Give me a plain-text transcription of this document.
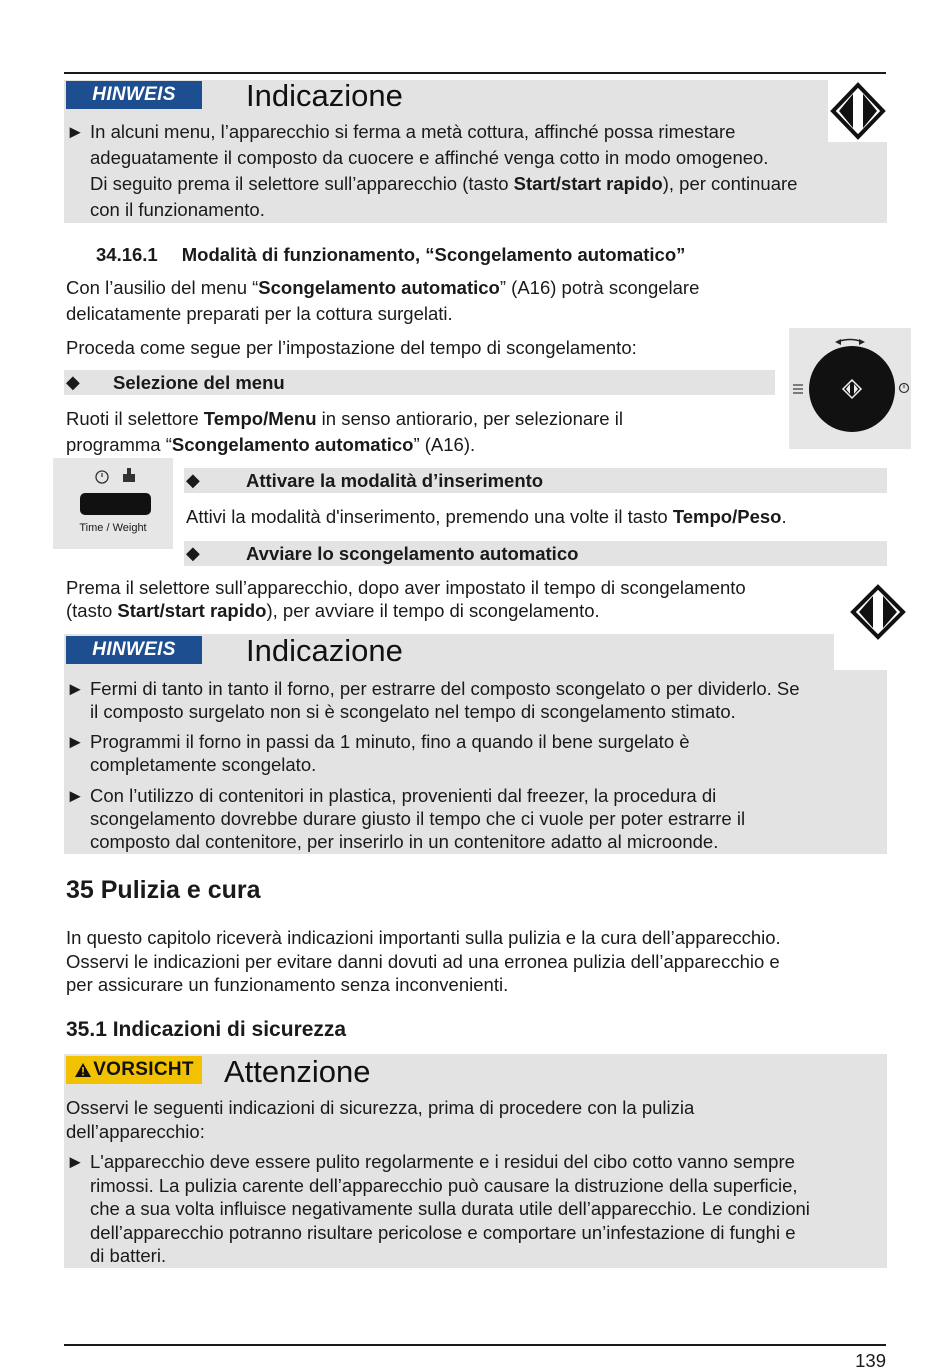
HINWEIS	Indicazione
► In alcuni menu, l’apparecchio si ferma a metà cottura, affinché possa rimestare
adeguatamente il composto da cuocere e affinché venga cotto in modo omogeneo.
Di seguito prema il selettore sull’apparecchio (tasto Start/start rapido), per continuare
con il funzionamento.
34.16.1 Modalità di funzionamento, “Scongelamento automatico”
Con l’ausilio del menu “Scongelamento automatico” (A16) potrà scongelare
delicatamente preparati per la cottura surgelati.
Proceda come segue per l’impostazione del tempo di scongelamento:
◆ Selezione del menu
Ruoti il selettore Tempo/Menu in senso antiorario, per selezionare il
programma “Scongelamento automatico” (A16).
Time / Weight
◆ Attivare la modalità d’inserimento
Attivi la modalità d'inserimento, premendo una volte il tasto Tempo/Peso.
◆ Avviare lo scongelamento automatico
Prema il selettore sull’apparecchio, dopo aver impostato il tempo di scongelamento
(tasto Start/start rapido), per avviare il tempo di scongelamento.
HINWEIS	Indicazione
► Fermi di tanto in tanto il forno, per estrarre del composto scongelato o per dividerlo. Se
il composto surgelato non si è scongelato nel tempo di scongelamento stimato.
► Programmi il forno in passi da 1 minuto, fino a quando il bene surgelato è
completamente scongelato.
► Con l’utilizzo di contenitori in plastica, provenienti dal freezer, la procedura di
scongelamento dovrebbe durare giusto il tempo che ci vuole per poter estrarre il
composto dal contenitore, per inserirlo in un contenitore adatto al microonde.
35 Pulizia e cura
In questo capitolo riceverà indicazioni importanti sulla pulizia e la cura dell’apparecchio.
Osservi le indicazioni per evitare danni dovuti ad una erronea pulizia dell’apparecchio e
per assicurare un funzionamento senza inconvenienti.
35.1 Indicazioni di sicurezza
VORSICHT Attenzione
Osservi le seguenti indicazioni di sicurezza, prima di procedere con la pulizia
dell’apparecchio:
► L'apparecchio deve essere pulito regolarmente e i residui del cibo cotto vanno sempre
rimossi. La pulizia carente dell’apparecchio può causare la distruzione della superficie,
che a sua volta influisce negativamente sulla durata utile dell’apparecchio. Le condizioni
dell’apparecchio potranno risultare pericolose e comportare un’infestazione di funghi e
di batteri.
139
